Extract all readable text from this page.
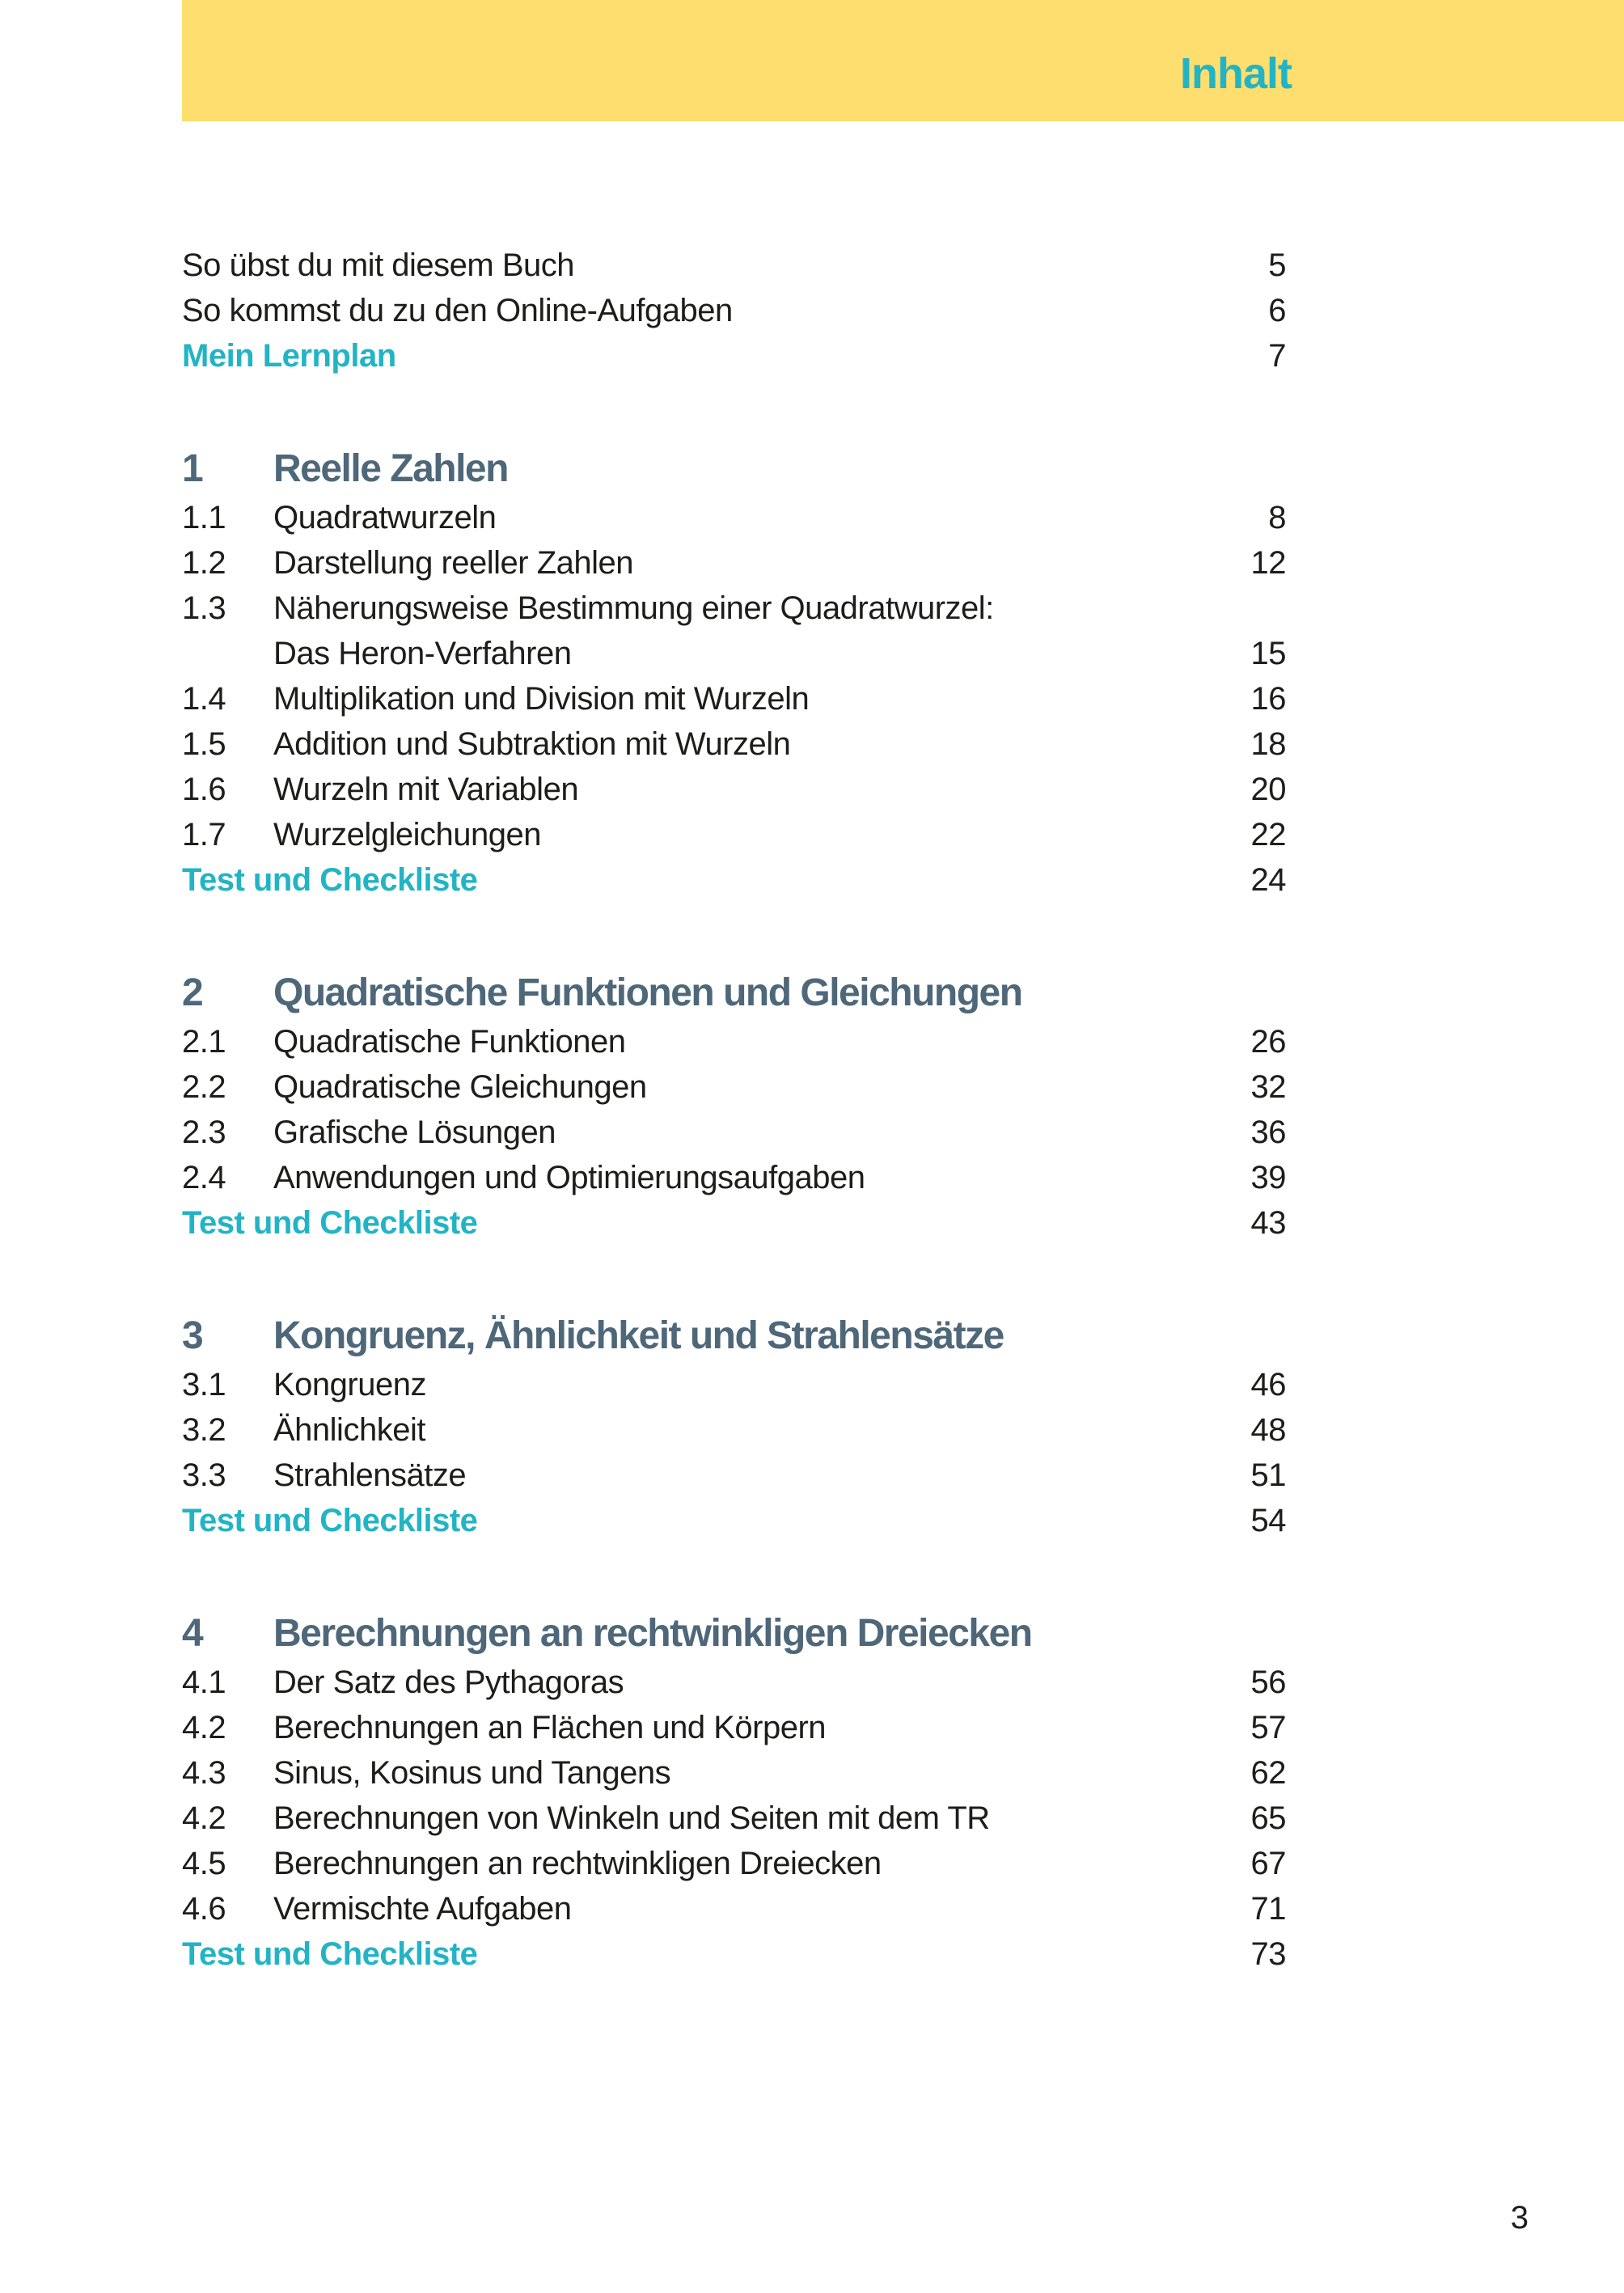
Inhalt
So übst du mit diesem Buch	5
So kommst du zu den Online-Aufgaben	6
Mein Lernplan	7
1	Reelle Zahlen
1.1	Quadratwurzeln	8
1.2	Darstellung reeller Zahlen	12
1.3	Näherungsweise Bestimmung einer Quadratwurzel:
Das Heron-Verfahren	15
1.4	Multiplikation und Division mit Wurzeln	16
1.5	Addition und Subtraktion mit Wurzeln	18
1.6	Wurzeln mit Variablen	20
1.7	Wurzelgleichungen	22
Test und Checkliste	24
2	Quadratische Funktionen und Gleichungen
2.1	Quadratische Funktionen	26
2.2	Quadratische Gleichungen	32
2.3	Grafische Lösungen	36
2.4	Anwendungen und Optimierungsaufgaben	39
Test und Checkliste	43
3	Kongruenz, Ähnlichkeit und Strahlensätze
3.1	Kongruenz	46
3.2	Ähnlichkeit	48
3.3	Strahlensätze	51
Test und Checkliste	54
4	Berechnungen an rechtwinkligen Dreiecken
4.1	Der Satz des Pythagoras	56
4.2	Berechnungen an Flächen und Körpern	57
4.3	Sinus, Kosinus und Tangens	62
4.2	Berechnungen von Winkeln und Seiten mit dem TR	65
4.5	Berechnungen an rechtwinkligen Dreiecken	67
4.6	Vermischte Aufgaben	71
Test und Checkliste	73
3
